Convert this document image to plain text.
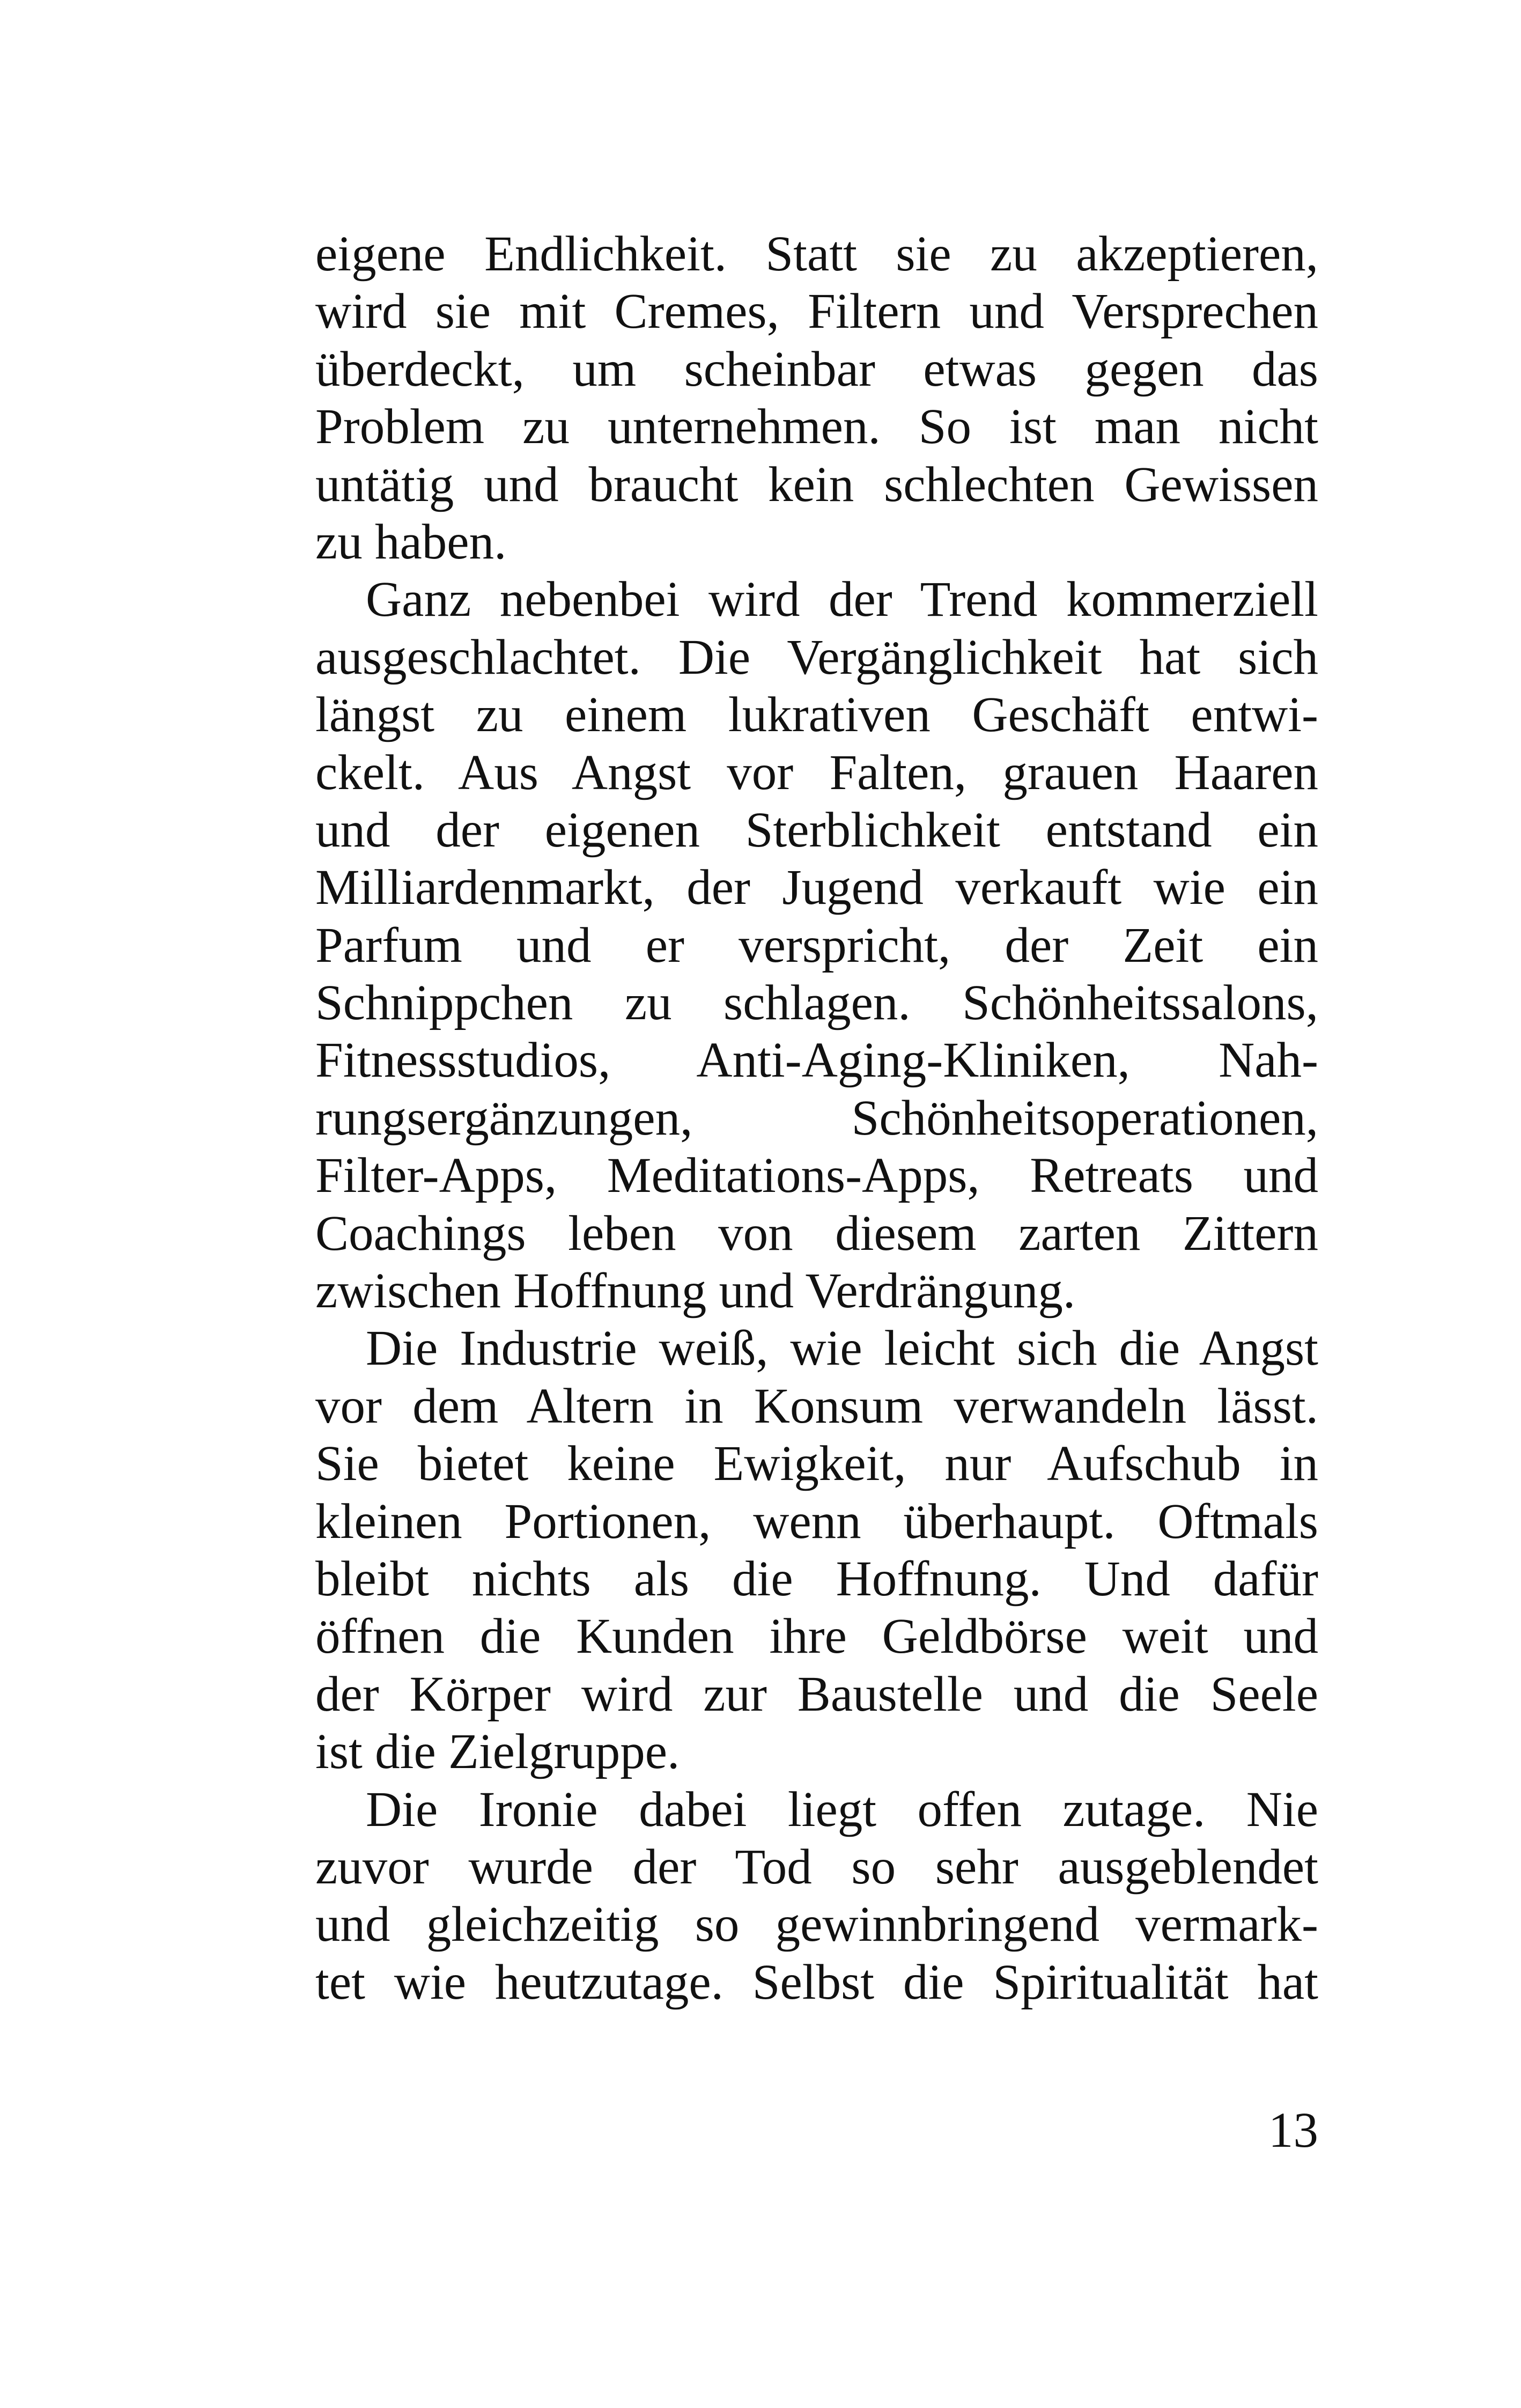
eigene Endlichkeit. Statt sie zu akzeptieren,
wird sie mit Cremes, Filtern und Versprechen
überdeckt, um scheinbar etwas gegen das
Problem zu unternehmen. So ist man nicht
untätig und braucht kein schlechten Gewissen
zu haben.
Ganz nebenbei wird der Trend kommerziell
ausgeschlachtet. Die Vergänglichkeit hat sich
längst zu einem lukrativen Geschäft entwi-
ckelt. Aus Angst vor Falten, grauen Haaren
und der eigenen Sterblichkeit entstand ein
Milliardenmarkt, der Jugend verkauft wie ein
Parfum und er verspricht, der Zeit ein
Schnippchen zu schlagen. Schönheitssalons,
Fitnessstudios, Anti-Aging-Kliniken, Nah-
rungsergänzungen, Schönheitsoperationen,
Filter-Apps, Meditations-Apps, Retreats und
Coachings leben von diesem zarten Zittern
zwischen Hoffnung und Verdrängung.
Die Industrie weiß, wie leicht sich die Angst
vor dem Altern in Konsum verwandeln lässt.
Sie bietet keine Ewigkeit, nur Aufschub in
kleinen Portionen, wenn überhaupt. Oftmals
bleibt nichts als die Hoffnung. Und dafür
öffnen die Kunden ihre Geldbörse weit und
der Körper wird zur Baustelle und die Seele
ist die Zielgruppe.
Die Ironie dabei liegt offen zutage. Nie
zuvor wurde der Tod so sehr ausgeblendet
und gleichzeitig so gewinnbringend vermark-
tet wie heutzutage. Selbst die Spiritualität hat
13
